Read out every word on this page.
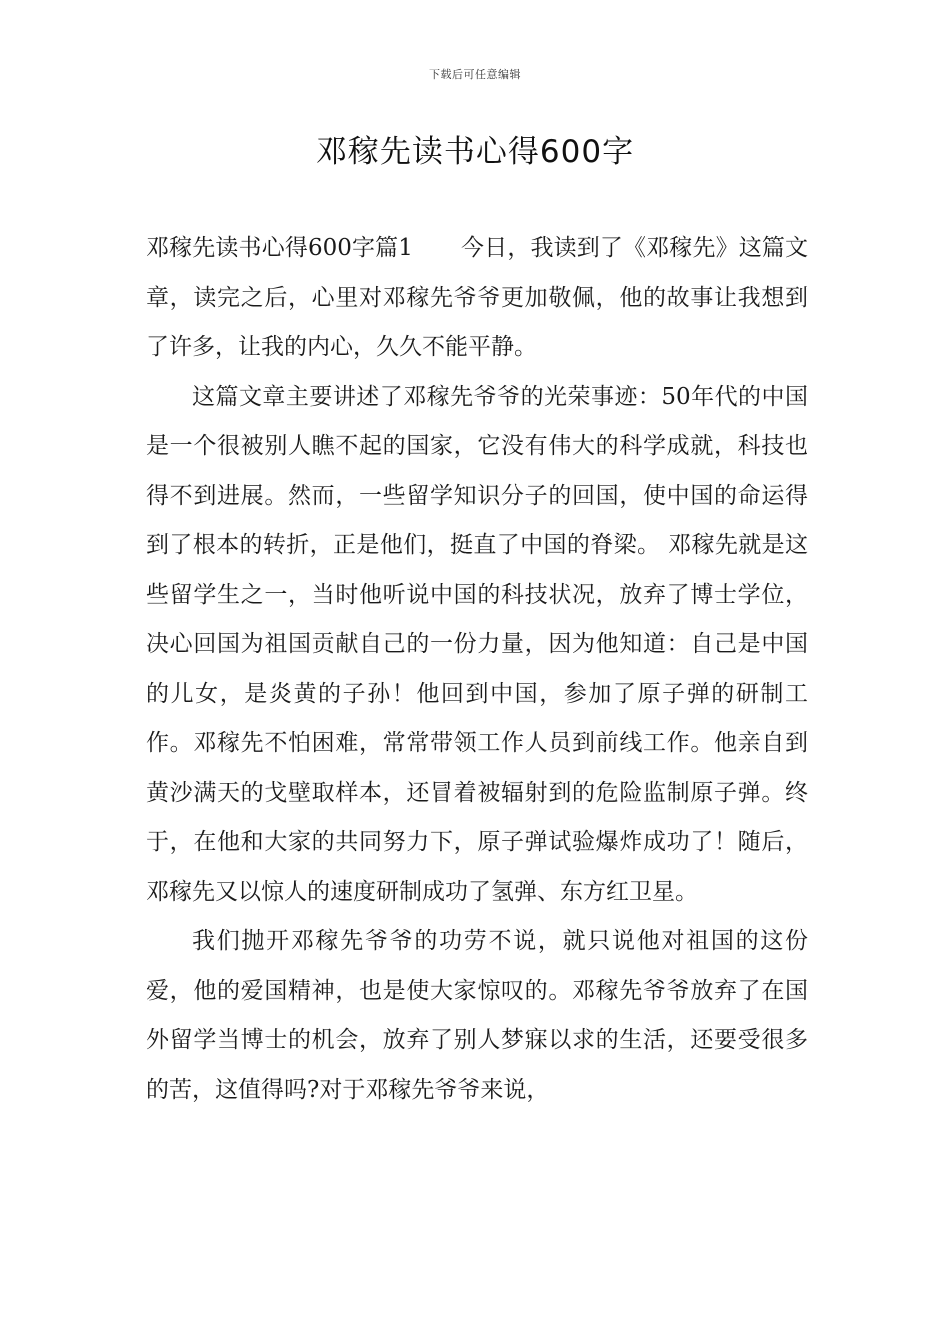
下载后可任意编辑
邓稼先读书心得600字

邓稼先读书心得600字篇1 今日，我读到了《邓稼先》这篇文章，读完之后，心里对邓稼先爷爷更加敬佩，他的故事让我想到了许多，让我的内心，久久不能平静。

这篇文章主要讲述了邓稼先爷爷的光荣事迹：50年代的中国是一个很被别人瞧不起的国家，它没有伟大的科学成就，科技也得不到进展。然而，一些留学知识分子的回国，使中国的命运得到了根本的转折，正是他们，挺直了中国的脊梁。 邓稼先就是这些留学生之一，当时他听说中国的科技状况，放弃了博士学位，决心回国为祖国贡献自己的一份力量，因为他知道：自己是中国的儿女，是炎黄的子孙！他回到中国，参加了原子弹的研制工作。邓稼先不怕困难，常常带领工作人员到前线工作。他亲自到黄沙满天的戈壁取样本，还冒着被辐射到的危险监制原子弹。终于，在他和大家的共同努力下，原子弹试验爆炸成功了！随后，邓稼先又以惊人的速度研制成功了氢弹、东方红卫星。

我们抛开邓稼先爷爷的功劳不说，就只说他对祖国的这份爱，他的爱国精神，也是使大家惊叹的。邓稼先爷爷放弃了在国外留学当博士的机会，放弃了别人梦寐以求的生活，还要受很多的苦，这值得吗?对于邓稼先爷爷来说，
